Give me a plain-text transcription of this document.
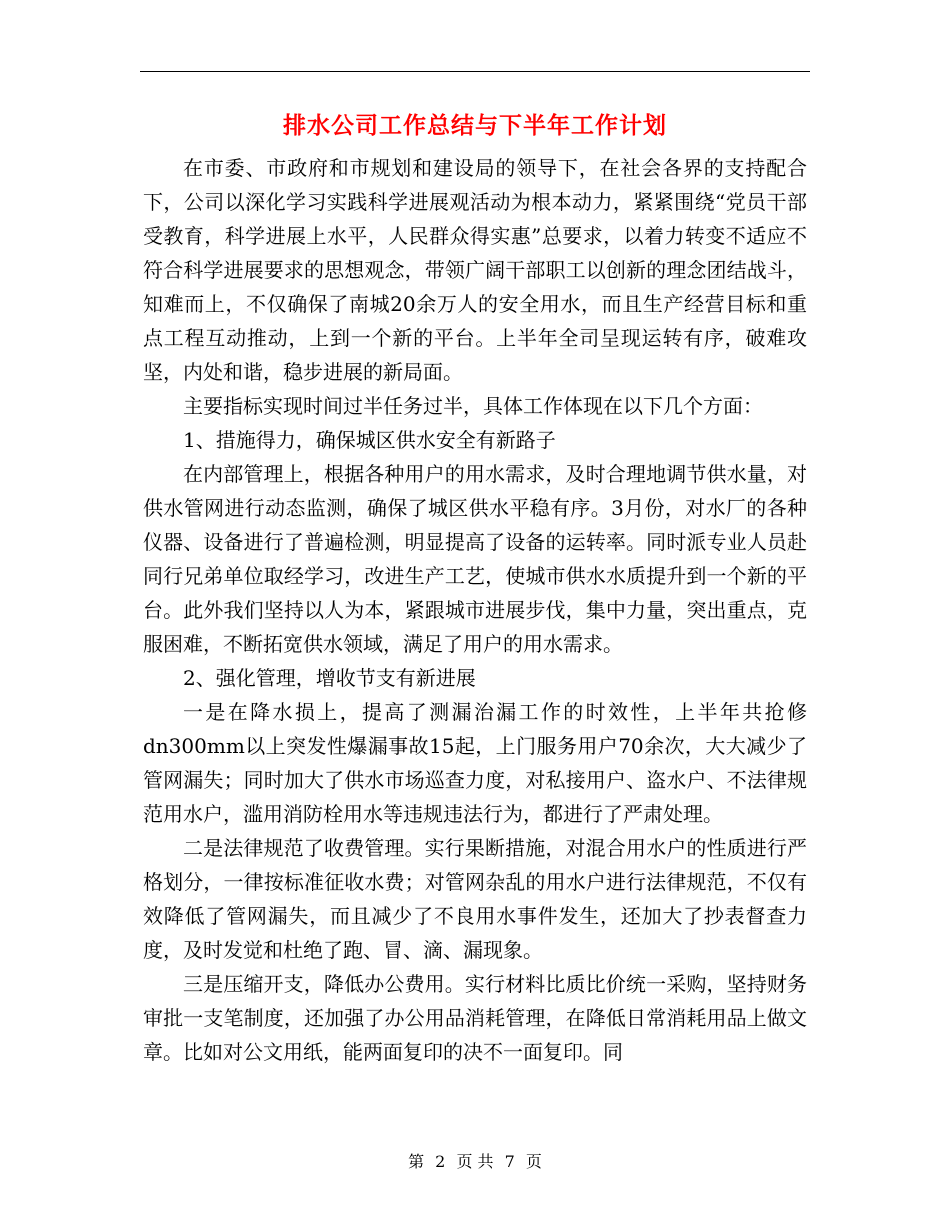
排水公司工作总结与下半年工作计划

在市委、市政府和市规划和建设局的领导下，在社会各界的支持配合下，公司以深化学习实践科学进展观活动为根本动力，紧紧围绕“党员干部受教育，科学进展上水平，人民群众得实惠”总要求，以着力转变不适应不符合科学进展要求的思想观念，带领广阔干部职工以创新的理念团结战斗，知难而上，不仅确保了南城20余万人的安全用水，而且生产经营目标和重点工程互动推动，上到一个新的平台。上半年全司呈现运转有序，破难攻坚，内处和谐，稳步进展的新局面。

主要指标实现时间过半任务过半，具体工作体现在以下几个方面：

1、措施得力，确保城区供水安全有新路子

在内部管理上，根据各种用户的用水需求，及时合理地调节供水量，对供水管网进行动态监测，确保了城区供水平稳有序。3月份，对水厂的各种仪器、设备进行了普遍检测，明显提高了设备的运转率。同时派专业人员赴同行兄弟单位取经学习，改进生产工艺，使城市供水水质提升到一个新的平台。此外我们坚持以人为本，紧跟城市进展步伐，集中力量，突出重点，克服困难，不断拓宽供水领域，满足了用户的用水需求。

2、强化管理，增收节支有新进展

一是在降水损上，提高了测漏治漏工作的时效性，上半年共抢修dn300mm以上突发性爆漏事故15起，上门服务用户70余次，大大减少了管网漏失；同时加大了供水市场巡查力度，对私接用户、盗水户、不法律规范用水户，滥用消防栓用水等违规违法行为，都进行了严肃处理。

二是法律规范了收费管理。实行果断措施，对混合用水户的性质进行严格划分，一律按标准征收水费；对管网杂乱的用水户进行法律规范，不仅有效降低了管网漏失，而且减少了不良用水事件发生，还加大了抄表督查力度，及时发觉和杜绝了跑、冒、滴、漏现象。

三是压缩开支，降低办公费用。实行材料比质比价统一采购，坚持财务审批一支笔制度，还加强了办公用品消耗管理，在降低日常消耗用品上做文章。比如对公文用纸，能两面复印的决不一面复印。同

第 2 页 共 7 页
